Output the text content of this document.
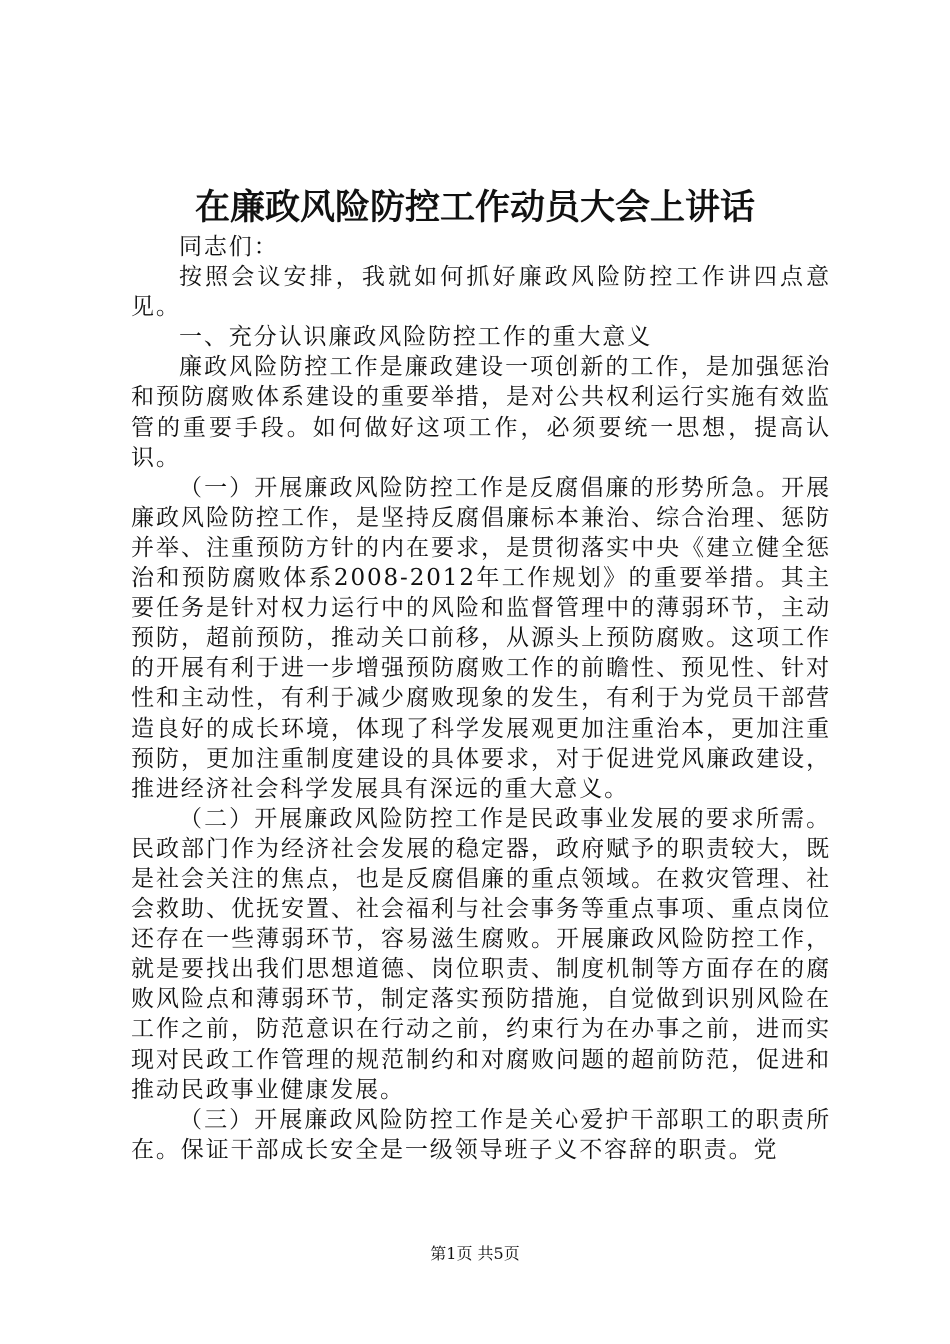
在廉政风险防控工作动员大会上讲话

同志们：

按照会议安排，我就如何抓好廉政风险防控工作讲四点意见。

一、充分认识廉政风险防控工作的重大意义

廉政风险防控工作是廉政建设一项创新的工作，是加强惩治和预防腐败体系建设的重要举措，是对公共权利运行实施有效监管的重要手段。如何做好这项工作，必须要统一思想，提高认识。

（一）开展廉政风险防控工作是反腐倡廉的形势所急。开展廉政风险防控工作，是坚持反腐倡廉标本兼治、综合治理、惩防并举、注重预防方针的内在要求，是贯彻落实中央《建立健全惩治和预防腐败体系2008-2012年工作规划》的重要举措。其主要任务是针对权力运行中的风险和监督管理中的薄弱环节，主动预防，超前预防，推动关口前移，从源头上预防腐败。这项工作的开展有利于进一步增强预防腐败工作的前瞻性、预见性、针对性和主动性，有利于减少腐败现象的发生，有利于为党员干部营造良好的成长环境，体现了科学发展观更加注重治本，更加注重预防，更加注重制度建设的具体要求，对于促进党风廉政建设，推进经济社会科学发展具有深远的重大意义。

（二）开展廉政风险防控工作是民政事业发展的要求所需。民政部门作为经济社会发展的稳定器，政府赋予的职责较大，既是社会关注的焦点，也是反腐倡廉的重点领域。在救灾管理、社会救助、优抚安置、社会福利与社会事务等重点事项、重点岗位还存在一些薄弱环节，容易滋生腐败。开展廉政风险防控工作，就是要找出我们思想道德、岗位职责、制度机制等方面存在的腐败风险点和薄弱环节，制定落实预防措施，自觉做到识别风险在工作之前，防范意识在行动之前，约束行为在办事之前，进而实现对民政工作管理的规范制约和对腐败问题的超前防范，促进和推动民政事业健康发展。

（三）开展廉政风险防控工作是关心爱护干部职工的职责所在。保证干部成长安全是一级领导班子义不容辞的职责。党

第1页 共5页
